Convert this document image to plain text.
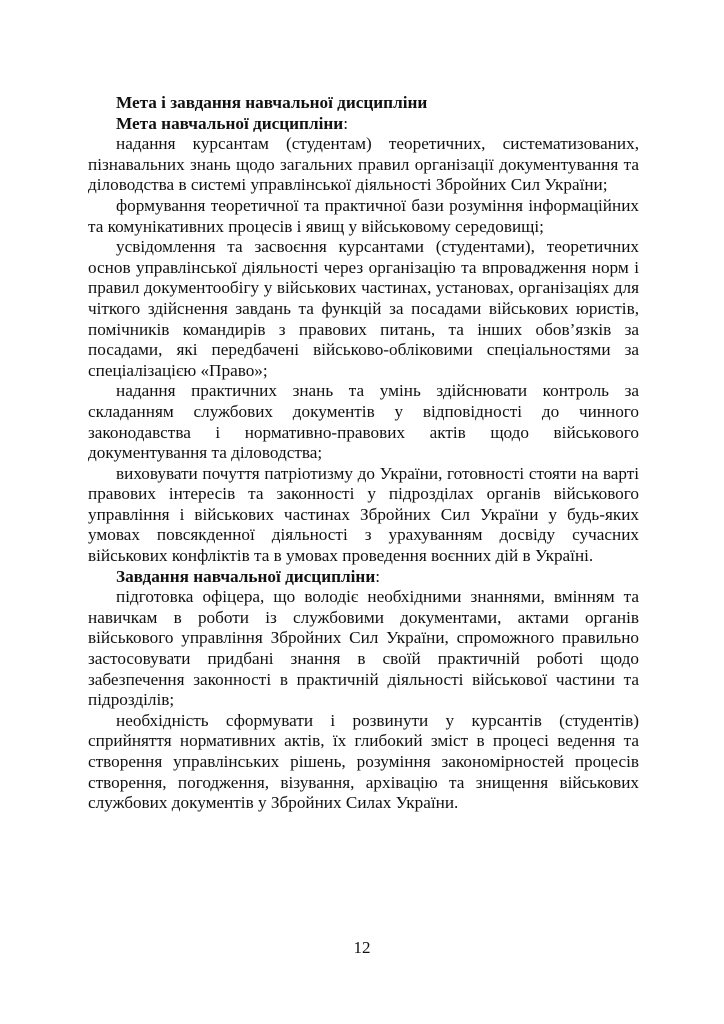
Мета і завдання навчальної дисципліни

Мета навчальної дисципліни:

надання курсантам (студентам) теоретичних, систематизованих, пізнавальних знань щодо загальних правил організації документування та діловодства в системі управлінської діяльності Збройних Сил України;

формування теоретичної та практичної бази розуміння інформаційних та комунікативних процесів і явищ у військовому середовищі;

усвідомлення та засвоєння курсантами (студентами), теоретичних основ управлінської діяльності через організацію та впровадження норм і правил документообігу у військових частинах, установах, організаціях для чіткого здійснення завдань та функцій за посадами військових юристів, помічників командирів з правових питань, та інших обов’язків за посадами, які передбачені військово-обліковими спеціальностями за спеціалізацією «Право»;

надання практичних знань та умінь здійснювати контроль за складанням службових документів у відповідності до чинного законодавства і нормативно-правових актів щодо військового документування та діловодства;

виховувати почуття патріотизму до України, готовності стояти на варті правових інтересів та законності у підрозділах органів військового управління і військових частинах Збройних Сил України у будь-яких умовах повсякденної діяльності з урахуванням досвіду сучасних військових конфліктів та в умовах проведення воєнних дій в Україні.

Завдання навчальної дисципліни:

підготовка офіцера, що володіє необхідними знаннями, вмінням та навичкам в роботи із службовими документами, актами органів військового управління Збройних Сил України, спроможного правильно застосовувати придбані знання в своїй практичній роботі щодо забезпечення законності в практичній діяльності військової частини та підрозділів;

необхідність сформувати і розвинути у курсантів (студентів) сприйняття нормативних актів, їх глибокий зміст в процесі ведення та створення управлінських рішень, розуміння закономірностей процесів створення, погодження, візування, архівацію та знищення військових службових документів у Збройних Силах України.

12
